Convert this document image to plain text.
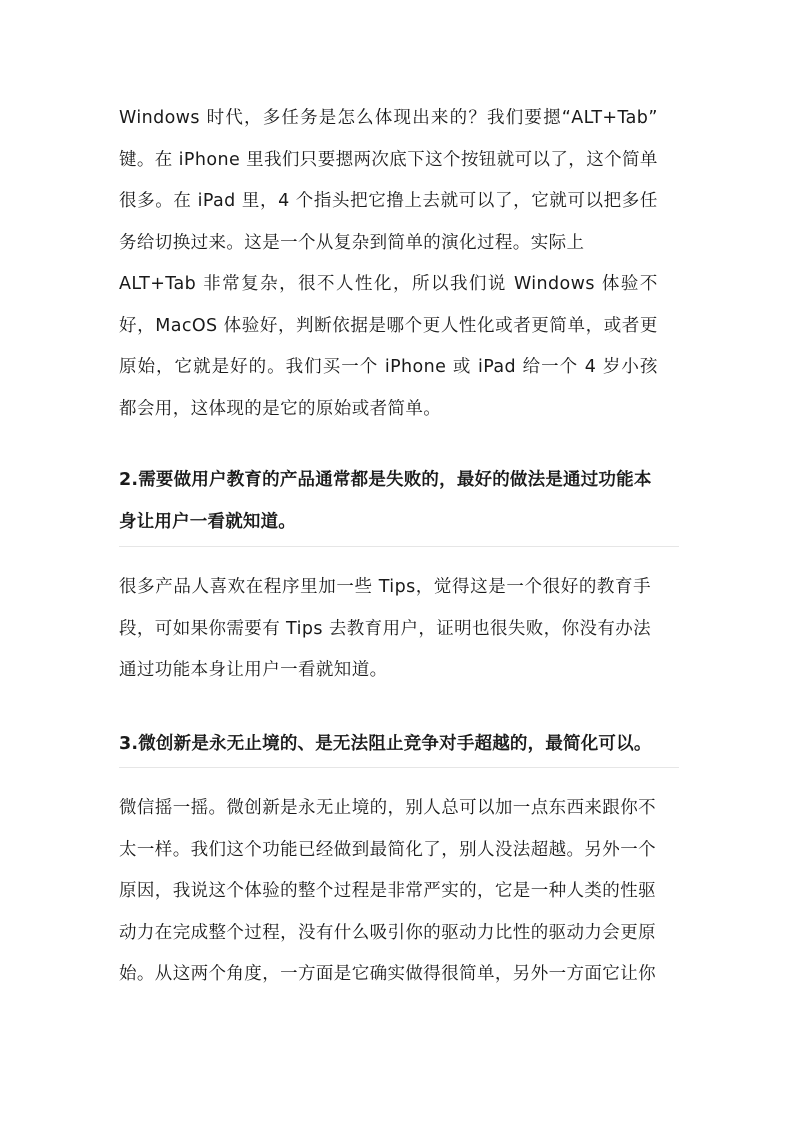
Windows 时代，多任务是怎么体现出来的？我们要摁“ALT+Tab”
键。在 iPhone 里我们只要摁两次底下这个按钮就可以了，这个简单
很多。在 iPad 里，4 个指头把它撸上去就可以了，它就可以把多任
务给切换过来。这是一个从复杂到简单的演化过程。实际上
ALT+Tab 非常复杂，很不人性化，所以我们说 Windows 体验不
好，MacOS 体验好，判断依据是哪个更人性化或者更简单，或者更
原始，它就是好的。我们买一个 iPhone 或 iPad 给一个 4 岁小孩
都会用，这体现的是它的原始或者简单。
2.需要做用户教育的产品通常都是失败的，最好的做法是通过功能本
身让用户一看就知道。
很多产品人喜欢在程序里加一些 Tips，觉得这是一个很好的教育手
段，可如果你需要有 Tips 去教育用户，证明也很失败，你没有办法
通过功能本身让用户一看就知道。
3.微创新是永无止境的、是无法阻止竞争对手超越的，最简化可以。
微信摇一摇。微创新是永无止境的，别人总可以加一点东西来跟你不
太一样。我们这个功能已经做到最简化了，别人没法超越。另外一个
原因，我说这个体验的整个过程是非常严实的，它是一种人类的性驱
动力在完成整个过程，没有什么吸引你的驱动力比性的驱动力会更原
始。从这两个角度，一方面是它确实做得很简单，另外一方面它让你
